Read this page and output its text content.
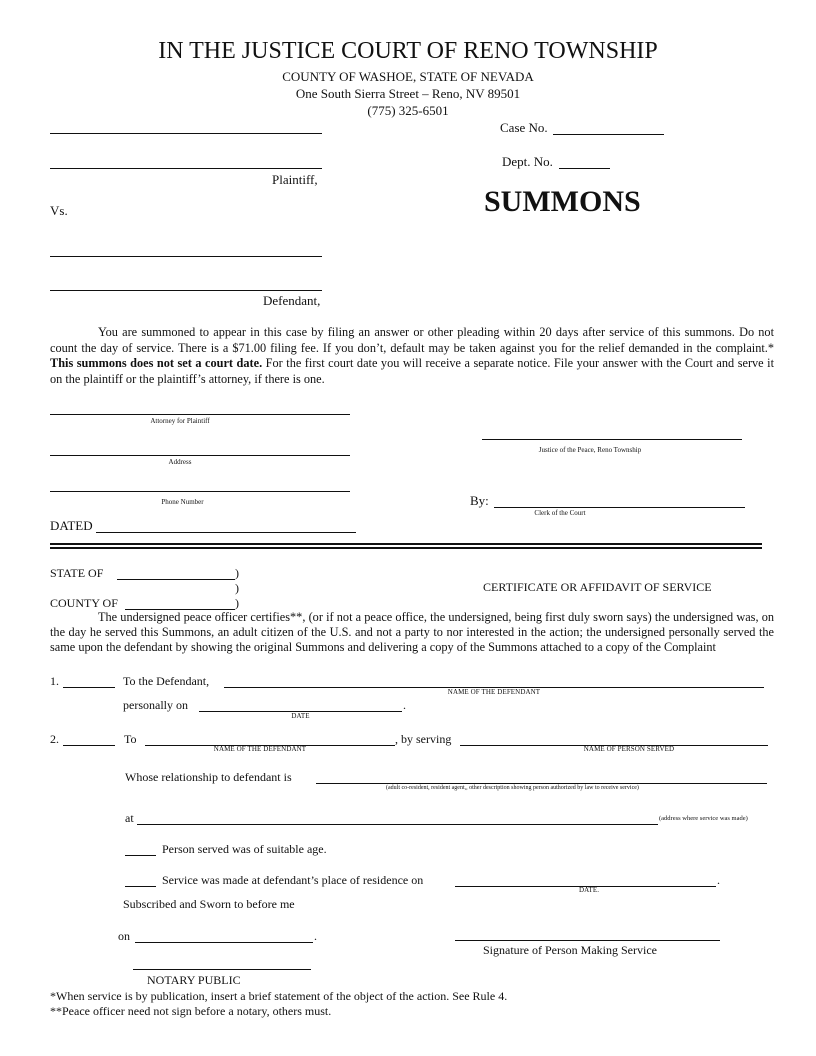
IN THE JUSTICE COURT OF RENO TOWNSHIP
COUNTY OF WASHOE, STATE OF NEVADA
One South Sierra Street – Reno, NV 89501
(775) 325-6501
Plaintiff,
Vs.
Defendant,
Case No.
Dept. No.
SUMMONS
You are summoned to appear in this case by filing an answer or other pleading within 20 days after service of this summons. Do not count the day of service. There is a $71.00 filing fee. If you don’t, default may be taken against you for the relief demanded in the complaint.* This summons does not set a court date. For the first court date you will receive a separate notice. File your answer with the Court and serve it on the plaintiff or the plaintiff’s attorney, if there is one.
Attorney for Plaintiff
Address
Phone Number
Justice of the Peace, Reno Township
By:
Clerk of the Court
DATED
STATE OF	)
)
COUNTY OF	)
CERTIFICATE OR AFFIDAVIT OF SERVICE
The undersigned peace officer certifies**, (or if not a peace office, the undersigned, being first duly sworn says) the undersigned was, on the day he served this Summons, an adult citizen of the U.S. and not a party to nor interested in the action; the undersigned personally served the same upon the defendant by showing the original Summons and delivering a copy of the Summons attached to a copy of the Complaint
1.	To the Defendant,
NAME OF THE DEFENDANT
personally on	.
DATE
2.	To
NAME OF THE DEFENDANT
, by serving
NAME OF PERSON SERVED
Whose relationship to defendant is
(adult co-resident, resident agent,, other description showing person authorized by law to receive service)
at	(address where service was made)
Person served was of suitable age.
Service was made at defendant’s place of residence on	.
DATE.
Subscribed and Sworn to before me
on	.
Signature of Person Making Service
NOTARY PUBLIC
*When service is by publication, insert a brief statement of the object of the action. See Rule 4.
**Peace officer need not sign before a notary, others must.
